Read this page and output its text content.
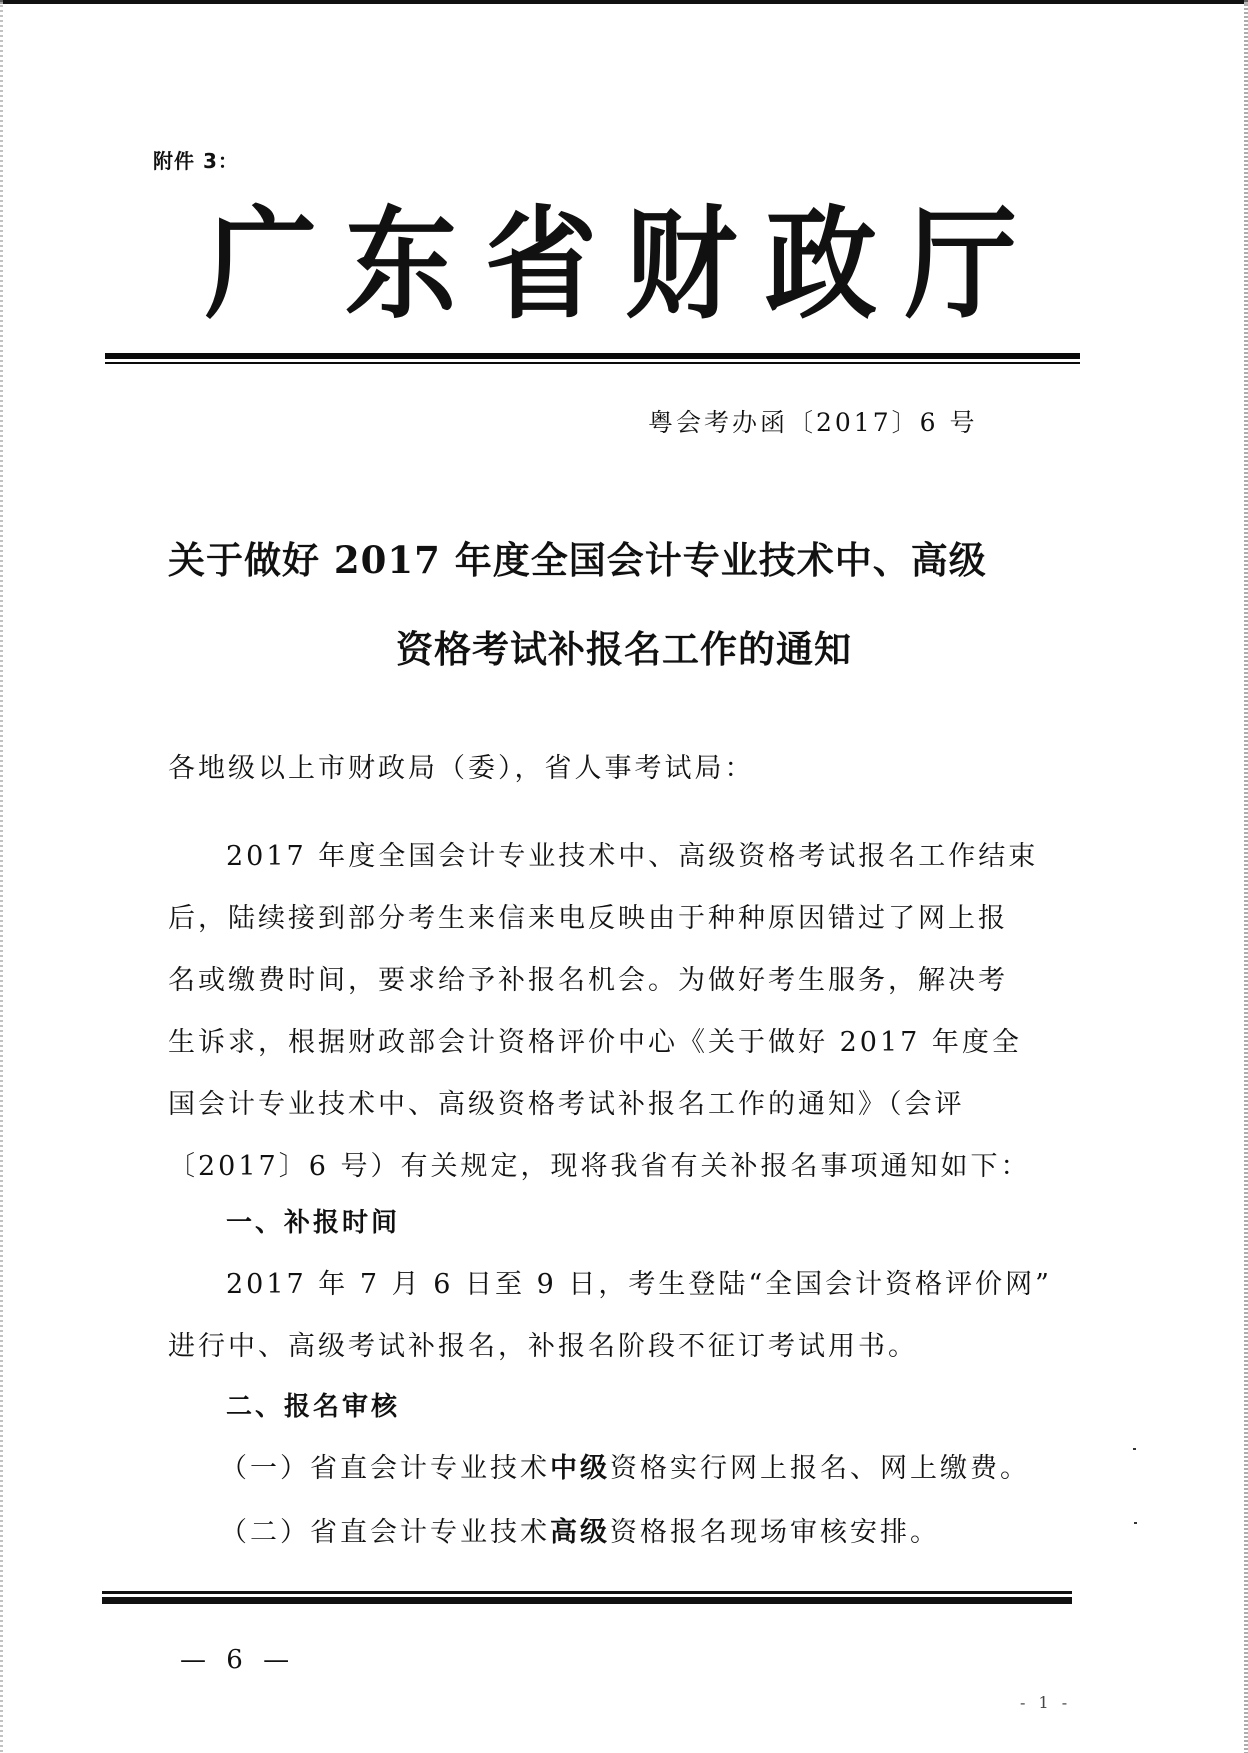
附件 3：
广东省财政厅
粤会考办函〔2017〕6 号
关于做好 2017 年度全国会计专业技术中、高级
资格考试补报名工作的通知
各地级以上市财政局（委），省人事考试局：
2017 年度全国会计专业技术中、高级资格考试报名工作结束
后，陆续接到部分考生来信来电反映由于种种原因错过了网上报
名或缴费时间，要求给予补报名机会。为做好考生服务，解决考
生诉求，根据财政部会计资格评价中心《关于做好 2017 年度全
国会计专业技术中、高级资格考试补报名工作的通知》（会评
〔2017〕6 号）有关规定，现将我省有关补报名事项通知如下：
一、补报时间
2017 年 7 月 6 日至 9 日，考生登陆“全国会计资格评价网”
进行中、高级考试补报名，补报名阶段不征订考试用书。
二、报名审核
（一）省直会计专业技术中级资格实行网上报名、网上缴费。
（二）省直会计专业技术高级资格报名现场审核安排。
— 6 —
- 1 -
